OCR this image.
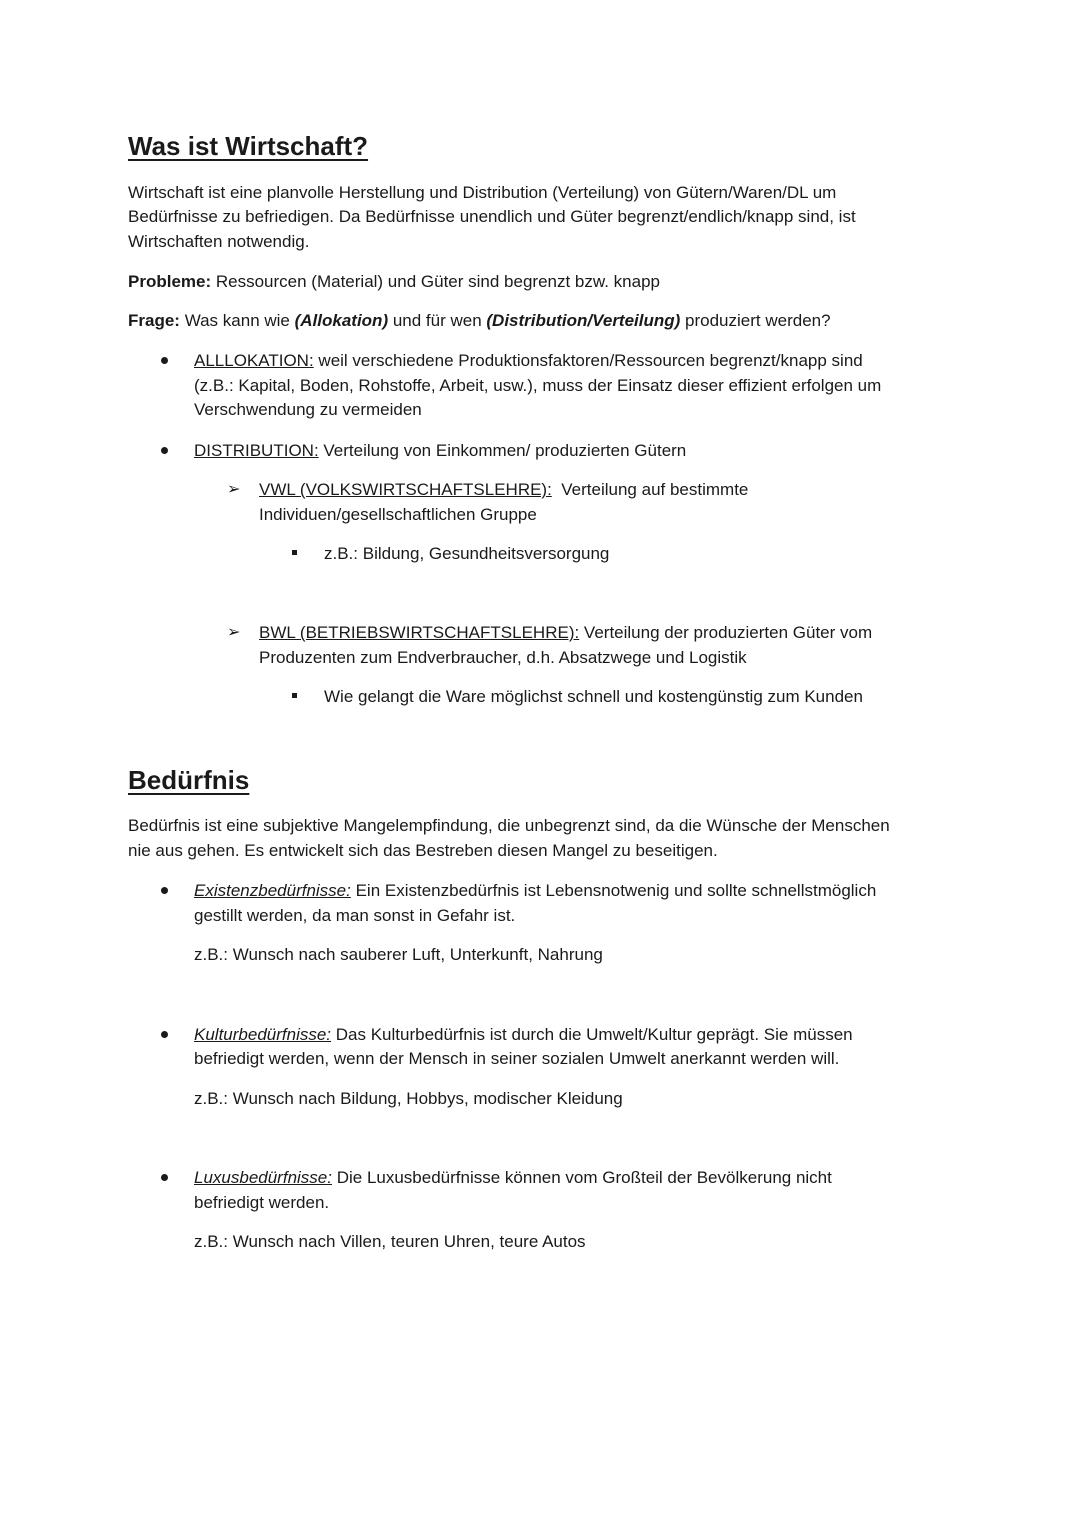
Was ist Wirtschaft?
Wirtschaft ist eine planvolle Herstellung und Distribution (Verteilung) von Gütern/Waren/DL um
Bedürfnisse zu befriedigen. Da Bedürfnisse unendlich und Güter begrenzt/endlich/knapp sind, ist
Wirtschaften notwendig.
Probleme: Ressourcen (Material) und Güter sind begrenzt bzw. knapp
Frage: Was kann wie (Allokation) und für wen (Distribution/Verteilung) produziert werden?
ALLLOKATION: weil verschiedene Produktionsfaktoren/Ressourcen begrenzt/knapp sind
(z.B.: Kapital, Boden, Rohstoffe, Arbeit, usw.), muss der Einsatz dieser effizient erfolgen um
Verschwendung zu vermeiden
DISTRIBUTION: Verteilung von Einkommen/ produzierten Gütern
➢ VWL (VOLKSWIRTSCHAFTSLEHRE):  Verteilung auf bestimmte
Individuen/gesellschaftlichen Gruppe
z.B.: Bildung, Gesundheitsversorgung
➢ BWL (BETRIEBSWIRTSCHAFTSLEHRE): Verteilung der produzierten Güter vom
Produzenten zum Endverbraucher, d.h. Absatzwege und Logistik
Wie gelangt die Ware möglichst schnell und kostengünstig zum Kunden
Bedürfnis
Bedürfnis ist eine subjektive Mangelempfindung, die unbegrenzt sind, da die Wünsche der Menschen
nie aus gehen. Es entwickelt sich das Bestreben diesen Mangel zu beseitigen.
Existenzbedürfnisse: Ein Existenzbedürfnis ist Lebensnotwenig und sollte schnellstmöglich
gestillt werden, da man sonst in Gefahr ist.
z.B.: Wunsch nach sauberer Luft, Unterkunft, Nahrung
Kulturbedürfnisse: Das Kulturbedürfnis ist durch die Umwelt/Kultur geprägt. Sie müssen
befriedigt werden, wenn der Mensch in seiner sozialen Umwelt anerkannt werden will.
z.B.: Wunsch nach Bildung, Hobbys, modischer Kleidung
Luxusbedürfnisse: Die Luxusbedürfnisse können vom Großteil der Bevölkerung nicht
befriedigt werden.
z.B.: Wunsch nach Villen, teuren Uhren, teure Autos
